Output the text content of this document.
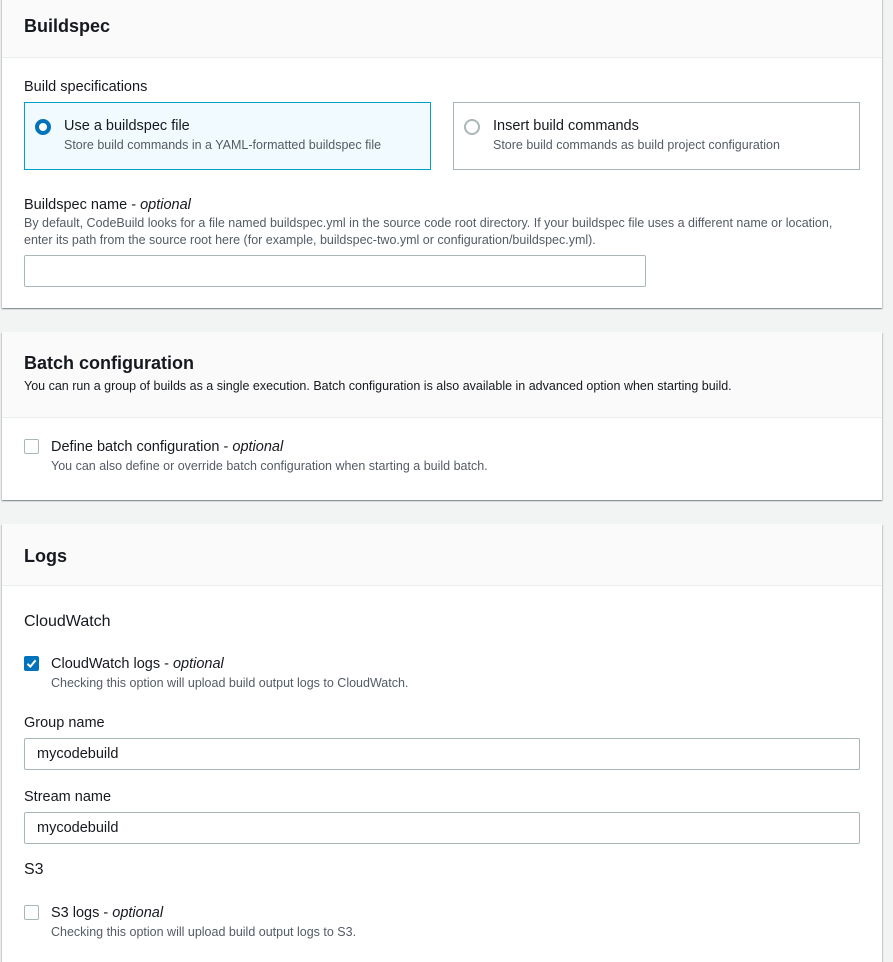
Buildspec
Build specifications
Use a buildspec file
Store build commands in a YAML-formatted buildspec file
Insert build commands
Store build commands as build project configuration
Buildspec name - optional
By default, CodeBuild looks for a file named buildspec.yml in the source code root directory. If your buildspec file uses a different name or location, enter its path from the source root here (for example, buildspec-two.yml or configuration/buildspec.yml).
Batch configuration
You can run a group of builds as a single execution. Batch configuration is also available in advanced option when starting build.
Define batch configuration - optional
You can also define or override batch configuration when starting a build batch.
Logs
CloudWatch
CloudWatch logs - optional
Checking this option will upload build output logs to CloudWatch.
Group name
mycodebuild
Stream name
mycodebuild
S3
S3 logs - optional
Checking this option will upload build output logs to S3.
